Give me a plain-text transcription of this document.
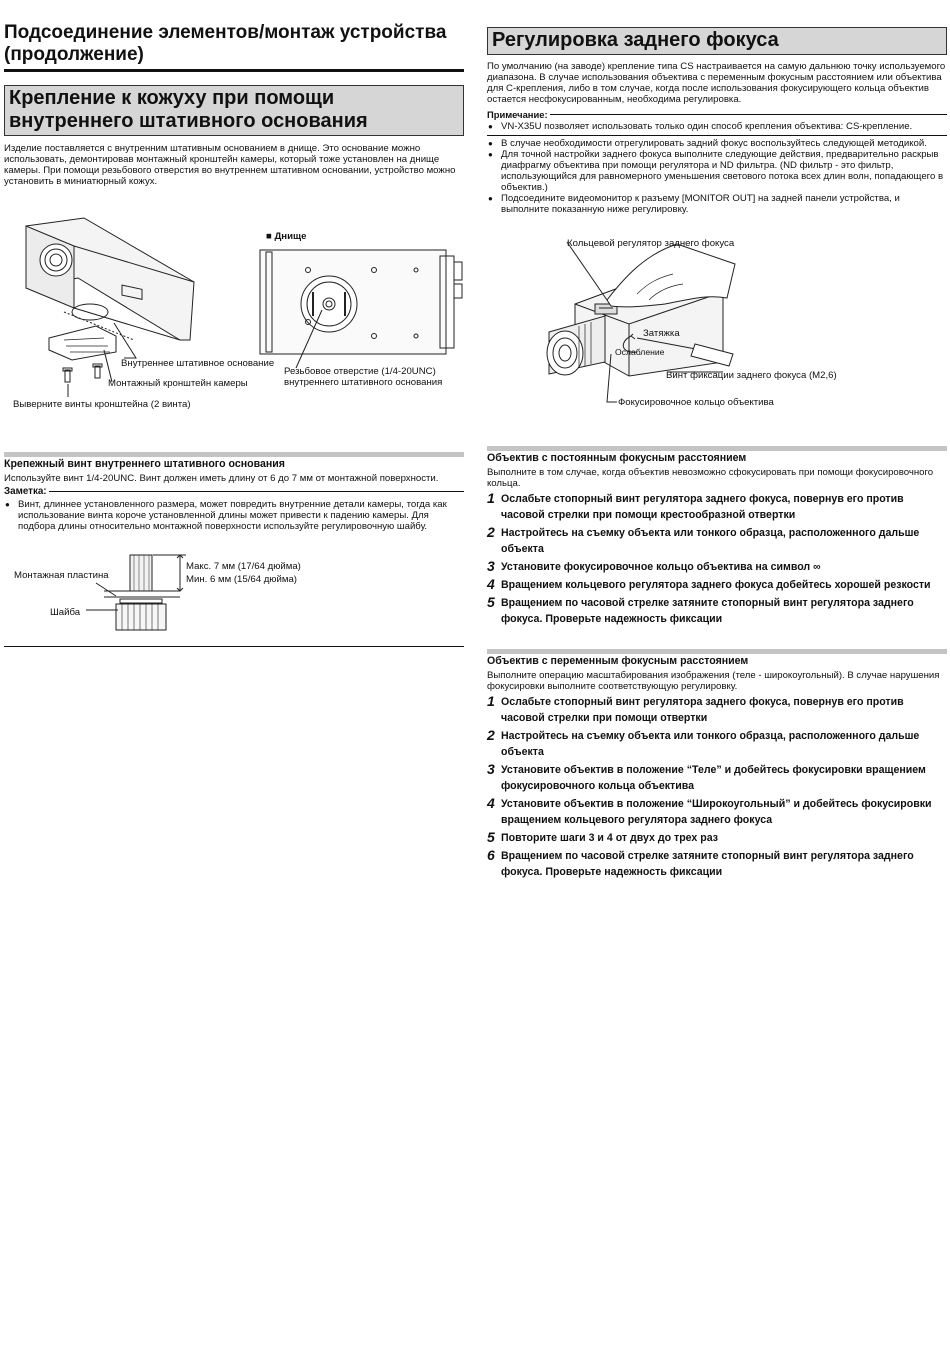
Подсоединение элементов/монтаж устройства
(продолжение)
Крепление к кожуху при помощи
внутреннего штативного основания

Изделие поставляется с внутренним штативным основанием в днище. Это основание можно использовать, демонтировав монтажный кронштейн камеры, который тоже установлен на днище камеры. При помощи резьбового отверстия во внутреннем штативном основании, устройство можно установить в миниатюрный кожух.

■ Днище
Внутреннее штативное основание
Монтажный кронштейн камеры
Выверните винты кронштейна (2 винта)
Резьбовое отверстие (1/4-20UNC)
внутреннего штативного основания
Крепежный винт внутреннего штативного основания

Используйте винт 1/4-20UNC. Винт должен иметь длину от 6 до 7 мм от монтажной поверхности.

Заметка:
● Винт, длиннее установленного размера, может повредить внутренние детали камеры, тогда как использование винта короче установленной длины может привести к падению камеры. Для подбора длины относительно монтажной поверхности используйте регулировочную шайбу.
Монтажная пластина
Шайба
Макс. 7 мм (17/64 дюйма)
Мин. 6 мм (15/64 дюйма)
Регулировка заднего фокуса

По умолчанию (на заводе) крепление типа CS настраивается на самую дальнюю точку используемого диапазона. В случае использования объектива с переменным фокусным расстоянием или объектива для C-крепления, либо в том случае, когда после использования фокусирующего кольца объектив остается несфокусированным, необходима регулировка.

Примечание:
● VN-X35U позволяет использовать только один способ крепления объектива: CS-крепление.
● В случае необходимости отрегулировать задний фокус воспользуйтесь следующей методикой.
● Для точной настройки заднего фокуса выполните следующие действия, предварительно раскрыв диафрагму объектива при помощи регулятора и ND фильтра. (ND фильтр - это фильтр, использующийся для равномерного уменьшения светового потока всех длин волн, попадающего в объектив.)
● Подсоедините видеомонитор к разъему [MONITOR OUT] на задней панели устройства, и выполните показанную ниже регулировку.
Кольцевой регулятор заднего фокуса
Затяжка
Ослабление
Винт фиксации заднего фокуса (M2,6)
Фокусировочное кольцо объектива
Объектив с постоянным фокусным расстоянием

Выполните в том случае, когда объектив невозможно сфокусировать при помощи фокусировочного кольца.

1 Ослабьте стопорный винт регулятора заднего фокуса, повернув его против часовой стрелки при помощи крестообразной отвертки
2 Настройтесь на съемку объекта или тонкого образца, расположенного дальше объекта
3 Установите фокусировочное кольцо объектива на символ ∞
4 Вращением кольцевого регулятора заднего фокуса добейтесь хорошей резкости
5 Вращением по часовой стрелке затяните стопорный винт регулятора заднего фокуса. Проверьте надежность фиксации
Объектив с переменным фокусным расстоянием

Выполните операцию масштабирования изображения (теле - широкоугольный). В случае нарушения фокусировки выполните соответствующую регулировку.

1 Ослабьте стопорный винт регулятора заднего фокуса, повернув его против часовой стрелки при помощи отвертки
2 Настройтесь на съемку объекта или тонкого образца, расположенного дальше объекта
3 Установите объектив в положение “Теле” и добейтесь фокусировки вращением фокусировочного кольца объектива
4 Установите объектив в положение “Широкоугольный” и добейтесь фокусировки вращением кольцевого регулятора заднего фокуса
5 Повторите шаги 3 и 4 от двух до трех раз
6 Вращением по часовой стрелке затяните стопорный винт регулятора заднего фокуса. Проверьте надежность фиксации
